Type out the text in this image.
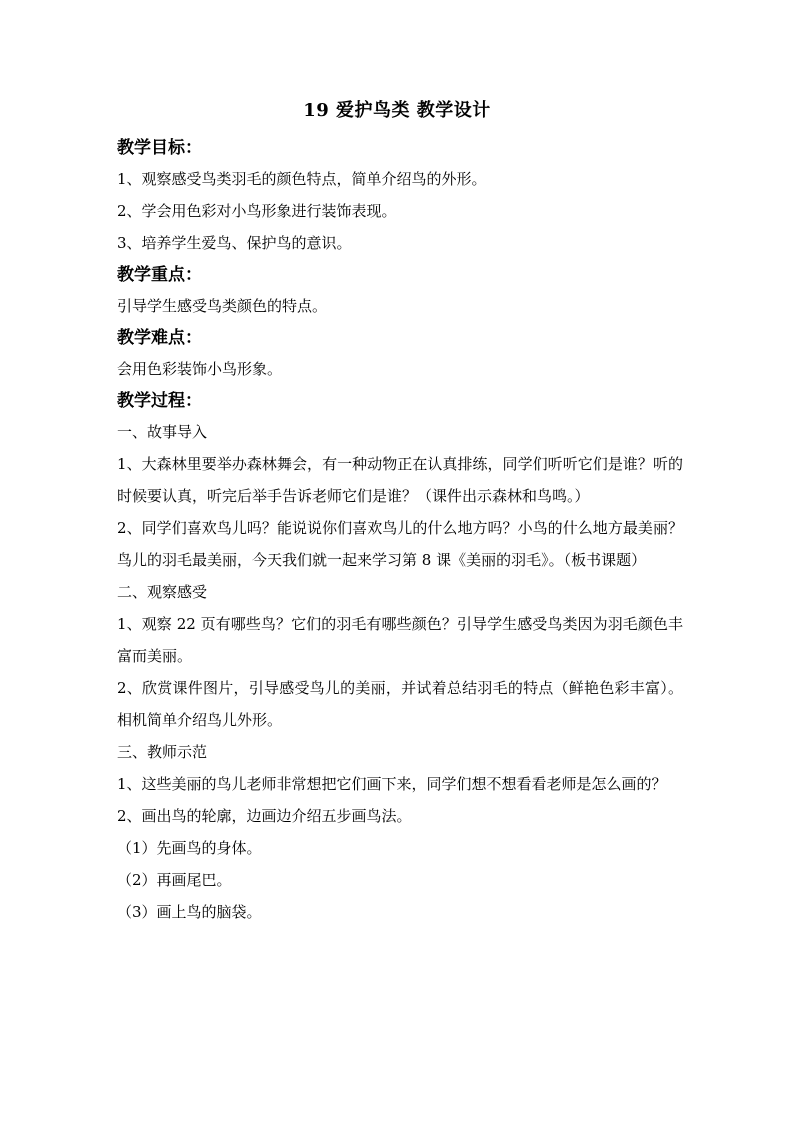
19 爱护鸟类 教学设计
教学目标：

1、观察感受鸟类羽毛的颜色特点，简单介绍鸟的外形。

2、学会用色彩对小鸟形象进行装饰表现。

3、培养学生爱鸟、保护鸟的意识。

教学重点：

引导学生感受鸟类颜色的特点。

教学难点：

会用色彩装饰小鸟形象。

教学过程：

一、故事导入

1、大森林里要举办森林舞会，有一种动物正在认真排练，同学们听听它们是谁？听的时候要认真，听完后举手告诉老师它们是谁？（课件出示森林和鸟鸣。）

2、同学们喜欢鸟儿吗？能说说你们喜欢鸟儿的什么地方吗？小鸟的什么地方最美丽？鸟儿的羽毛最美丽，今天我们就一起来学习第 8 课《美丽的羽毛》。（板书课题）

二、观察感受

1、观察 22 页有哪些鸟？它们的羽毛有哪些颜色？引导学生感受鸟类因为羽毛颜色丰富而美丽。

2、欣赏课件图片，引导感受鸟儿的美丽，并试着总结羽毛的特点（鲜艳色彩丰富）。相机简单介绍鸟儿外形。

三、教师示范

1、这些美丽的鸟儿老师非常想把它们画下来，同学们想不想看看老师是怎么画的？

2、画出鸟的轮廓，边画边介绍五步画鸟法。

（1）先画鸟的身体。

（2）再画尾巴。

（3）画上鸟的脑袋。
